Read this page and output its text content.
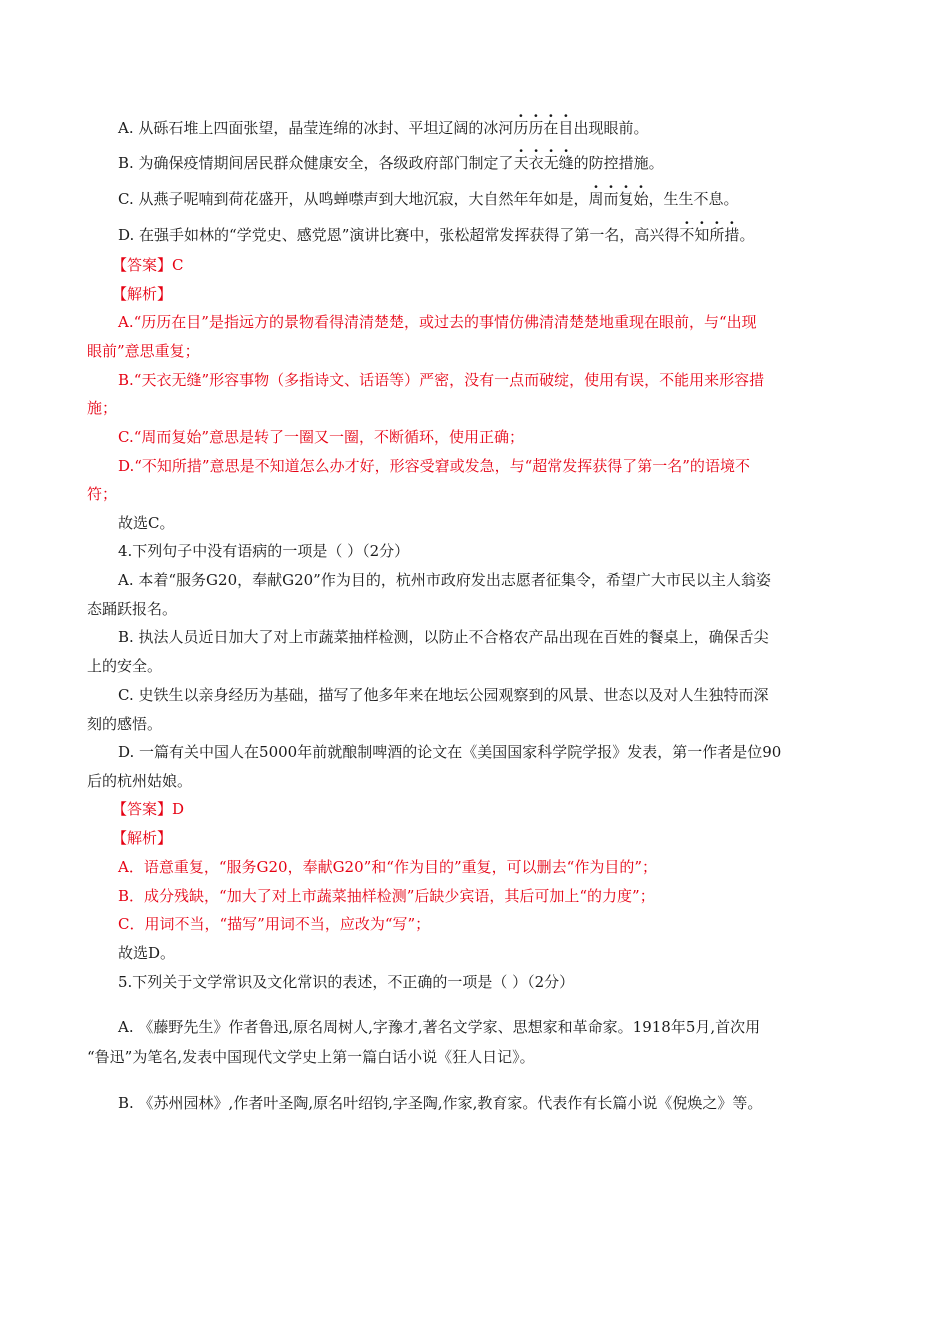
A. 从砾石堆上四面张望，晶莹连绵的冰封、平坦辽阔的冰河历历在目出现眼前。
B. 为确保疫情期间居民群众健康安全，各级政府部门制定了天衣无缝的防控措施。
C. 从燕子呢喃到荷花盛开，从鸣蝉噤声到大地沉寂，大自然年年如是，周而复始，生生不息。
D. 在强手如林的“学党史、感党恩”演讲比赛中，张松超常发挥获得了第一名，高兴得不知所措。
【答案】C
【解析】
A.“历历在目”是指远方的景物看得清清楚楚，或过去的事情仿佛清清楚楚地重现在眼前，与“出现
眼前”意思重复；
B.“天衣无缝”形容事物（多指诗文、话语等）严密，没有一点而破绽，使用有误，不能用来形容措
施；
C.“周而复始”意思是转了一圈又一圈，不断循环，使用正确；
D.“不知所措”意思是不知道怎么办才好，形容受窘或发急，与“超常发挥获得了第一名”的语境不
符；
故选C。
4.下列句子中没有语病的一项是（ ）（2分）
A. 本着“服务G20，奉献G20”作为目的，杭州市政府发出志愿者征集令，希望广大市民以主人翁姿
态踊跃报名。
B. 执法人员近日加大了对上市蔬菜抽样检测，以防止不合格农产品出现在百姓的餐桌上，确保舌尖
上的安全。
C. 史铁生以亲身经历为基础，描写了他多年来在地坛公园观察到的风景、世态以及对人生独特而深
刻的感悟。
D. 一篇有关中国人在5000年前就酿制啤酒的论文在《美国国家科学院学报》发表，第一作者是位90
后的杭州姑娘。
【答案】D
【解析】
A．语意重复，“服务G20，奉献G20”和“作为目的”重复，可以删去“作为目的”；
B．成分残缺，“加大了对上市蔬菜抽样检测”后缺少宾语，其后可加上“的力度”；
C．用词不当，“描写”用词不当，应改为“写”；
故选D。
5.下列关于文学常识及文化常识的表述，不正确的一项是（ ）（2分）
A. 《藤野先生》作者鲁迅,原名周树人,字豫才,著名文学家、思想家和革命家。1918年5月,首次用
“鲁迅”为笔名,发表中国现代文学史上第一篇白话小说《狂人日记》。
B. 《苏州园林》,作者叶圣陶,原名叶绍钧,字圣陶,作家,教育家。代表作有长篇小说《倪焕之》等。
